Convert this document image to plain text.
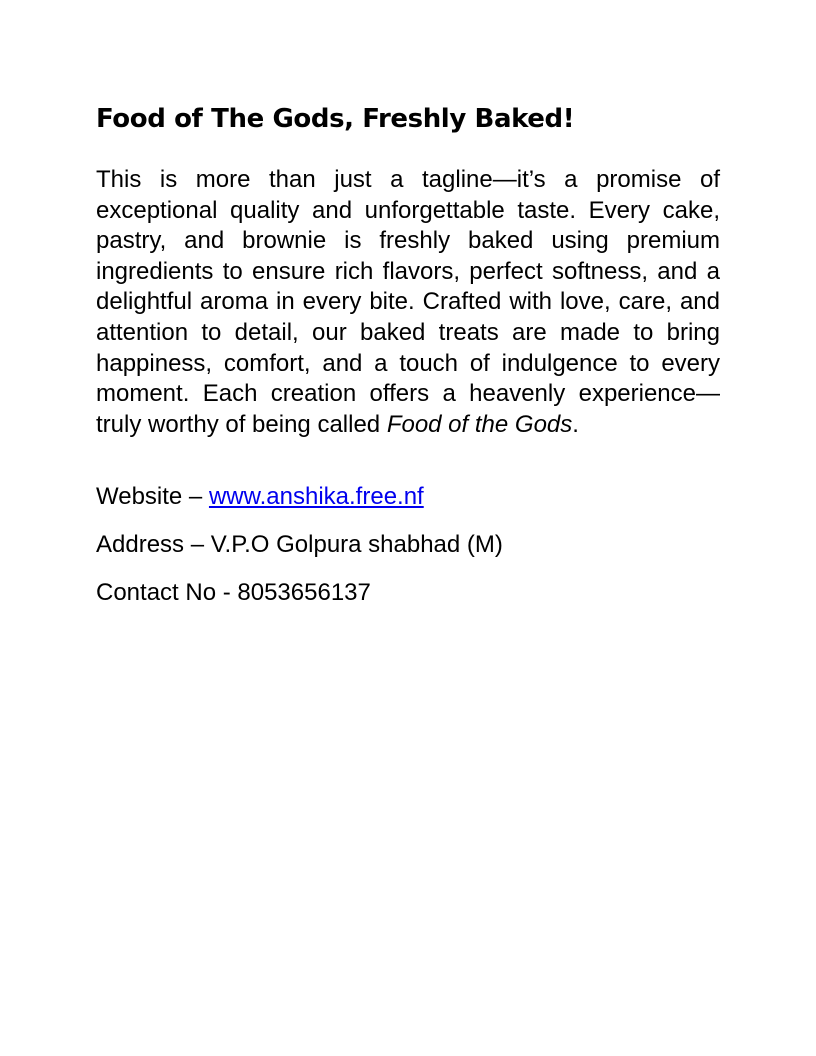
Food of The Gods, Freshly Baked!

This is more than just a tagline—it’s a promise of exceptional quality and unforgettable taste. Every cake, pastry, and brownie is freshly baked using premium ingredients to ensure rich flavors, perfect softness, and a delightful aroma in every bite. Crafted with love, care, and attention to detail, our baked treats are made to bring happiness, comfort, and a touch of indulgence to every moment. Each creation offers a heavenly experience—truly worthy of being called Food of the Gods.

Website – www.anshika.free.nf

Address – V.P.O Golpura shabhad (M)

Contact No - 8053656137
